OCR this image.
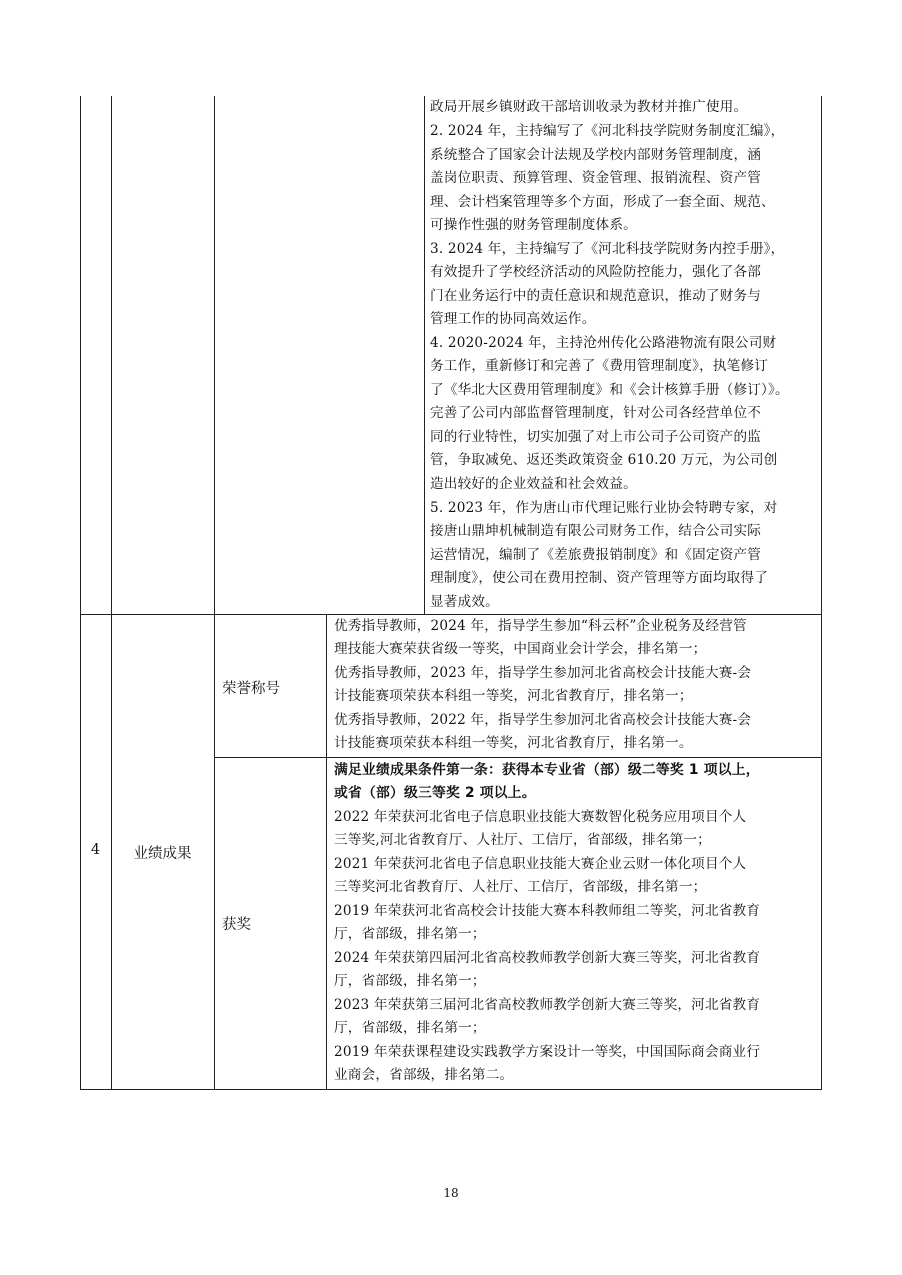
政局开展乡镇财政干部培训收录为教材并推广使用。
2. 2024 年，主持编写了《河北科技学院财务制度汇编》，
系统整合了国家会计法规及学校内部财务管理制度，涵
盖岗位职责、预算管理、资金管理、报销流程、资产管
理、会计档案管理等多个方面，形成了一套全面、规范、
可操作性强的财务管理制度体系。
3. 2024 年，主持编写了《河北科技学院财务内控手册》，
有效提升了学校经济活动的风险防控能力，强化了各部
门在业务运行中的责任意识和规范意识，推动了财务与
管理工作的协同高效运作。
4. 2020-2024 年，主持沧州传化公路港物流有限公司财
务工作，重新修订和完善了《费用管理制度》，执笔修订
了《华北大区费用管理制度》和《会计核算手册（修订）》。
完善了公司内部监督管理制度，针对公司各经营单位不
同的行业特性，切实加强了对上市公司子公司资产的监
管，争取减免、返还类政策资金 610.20 万元，为公司创
造出较好的企业效益和社会效益。
5. 2023 年，作为唐山市代理记账行业协会特聘专家，对
接唐山鼎坤机械制造有限公司财务工作，结合公司实际
运营情况，编制了《差旅费报销制度》和《固定资产管
理制度》，使公司在费用控制、资产管理等方面均取得了
显著成效。
4	业绩成果
荣誉称号
优秀指导教师，2024 年，指导学生参加“科云杯”企业税务及经营管
理技能大赛荣获省级一等奖，中国商业会计学会，排名第一；
优秀指导教师，2023 年，指导学生参加河北省高校会计技能大赛-会
计技能赛项荣获本科组一等奖，河北省教育厅，排名第一；
优秀指导教师，2022 年，指导学生参加河北省高校会计技能大赛-会
计技能赛项荣获本科组一等奖，河北省教育厅，排名第一。
获奖
满足业绩成果条件第一条：获得本专业省（部）级二等奖 1 项以上，
或省（部）级三等奖 2 项以上。
2022 年荣获河北省电子信息职业技能大赛数智化税务应用项目个人
三等奖,河北省教育厅、人社厅、工信厅，省部级，排名第一；
2021 年荣获河北省电子信息职业技能大赛企业云财一体化项目个人
三等奖河北省教育厅、人社厅、工信厅，省部级，排名第一；
2019 年荣获河北省高校会计技能大赛本科教师组二等奖，河北省教育
厅，省部级，排名第一；
2024 年荣获第四届河北省高校教师教学创新大赛三等奖，河北省教育
厅，省部级，排名第一；
2023 年荣获第三届河北省高校教师教学创新大赛三等奖，河北省教育
厅，省部级，排名第一；
2019 年荣获课程建设实践教学方案设计一等奖，中国国际商会商业行
业商会，省部级，排名第二。
18
